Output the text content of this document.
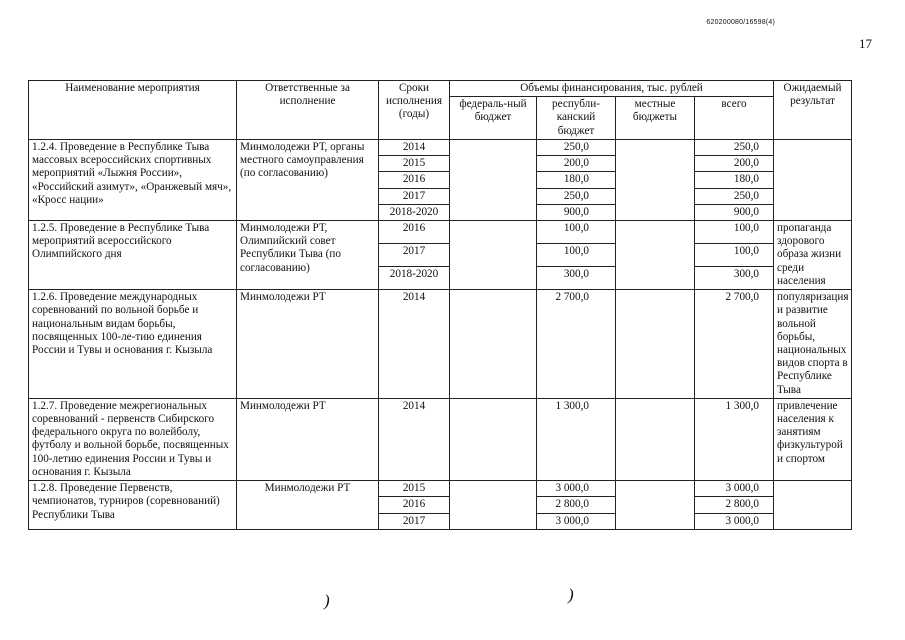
620200080/16598(4)
17
Наименование мероприятия	Ответственные за исполнение	Сроки исполнения (годы)	Объемы финансирования, тыс. рублей				Ожидаемый результат
			федераль-ный бюджет	республи-канский бюджет	местные бюджеты	всего	
1.2.4. Проведение в Республике Тыва массовых всероссийских спортивных мероприятий «Лыжня России», «Российский азимут», «Оранжевый мяч», «Кросс нации»	Минмолодежи РТ, органы местного самоуправления (по согласованию)	2014		250,0		250,0	
		2015		200,0		200,0	
		2016		180,0		180,0	
		2017		250,0		250,0	
		2018-2020		900,0		900,0	
1.2.5. Проведение в Республике Тыва мероприятий всероссийского Олимпийского дня	Минмолодежи РТ, Олимпийский совет Республики Тыва (по согласованию)	2016		100,0		100,0	пропаганда здорового образа жизни среди населения
		2017		100,0		100,0	
		2018-2020		300,0		300,0	
1.2.6. Проведение международных соревнований по вольной борьбе и национальным видам борьбы, посвященных 100-ле-тию единения России и Тувы и основания г. Кызыла	Минмолодежи РТ	2014		2 700,0		2 700,0	популяризация и развитие вольной борьбы, национальных видов спорта в Республике Тыва
1.2.7. Проведение межрегиональных соревнований - первенств Сибирского федерального округа по волейболу, футболу и вольной борьбе, посвященных 100-летию единения России и Тувы и основания г. Кызыла	Минмолодежи РТ	2014		1 300,0		1 300,0	привлечение населения к занятиям физкультурой и спортом
1.2.8. Проведение Первенств, чемпионатов, турниров (соревнований) Республики Тыва	Минмолодежи РТ	2015		3 000,0		3 000,0	
		2016		2 800,0		2 800,0	
		2017		3 000,0		3 000,0	
)	)
